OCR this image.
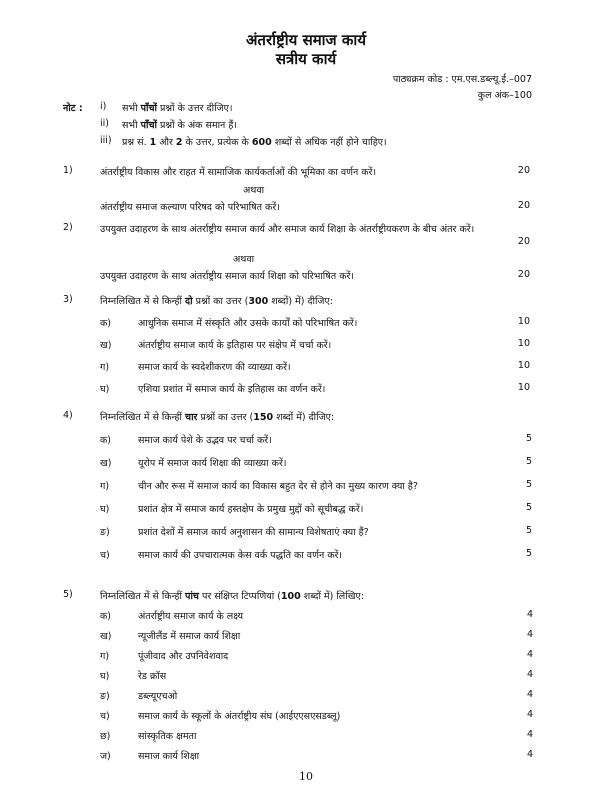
अंतर्राष्ट्रीय समाज कार्य
सत्रीय कार्य
पाठ्यक्रम कोड : एम.एस.डब्ल्यू.ई.–007
कुल अंक–100
नोट : i) सभी पाँचों प्रश्नों के उत्तर दीजिए।
ii) सभी पाँचों प्रश्नों के अंक समान हैं।
iii) प्रश्न सं. 1 और 2 के उत्तर, प्रत्येक के 600 शब्दों से अधिक नहीं होने चाहिए।
1)	अंतर्राष्ट्रीय विकास और राहत में सामाजिक कार्यकर्ताओं की भूमिका का वर्णन करें।	20
अथवा
अंतर्राष्ट्रीय समाज कल्याण परिषद को परिभाषित करें।	20
2)	उपयुक्त उदाहरण के साथ अंतर्राष्ट्रीय समाज कार्य और समाज कार्य शिक्षा के अंतर्राष्ट्रीयकरण के बीच अंतर करें।
20
अथवा
उपयुक्त उदाहरण के साथ अंतर्राष्ट्रीय समाज कार्य शिक्षा को परिभाषित करें।	20
3)	निम्नलिखित में से किन्हीं दो प्रश्नों का उत्तर (300 शब्दों) में) दीजिए:
क)	आधुनिक समाज में संस्कृति और उसके कार्यों को परिभाषित करें।	10
ख)	अंतर्राष्ट्रीय समाज कार्य के इतिहास पर संक्षेप में चर्चा करें।	10
ग)	समाज कार्य के स्वदेशीकरण की व्याख्या करें।	10
घ)	एशिया प्रशांत में समाज कार्य के इतिहास का वर्णन करें।	10
4)	निम्नलिखित में से किन्हीं चार प्रश्नों का उत्तर (150 शब्दों में) दीजिए:
क)	समाज कार्य पेशे के उद्भव पर चर्चा करें।	5
ख)	यूरोप में समाज कार्य शिक्षा की व्याख्या करें।	5
ग)	चीन और रूस में समाज कार्य का विकास बहुत देर से होने का मुख्य कारण क्या है?	5
घ)	प्रशांत क्षेत्र में समाज कार्य हस्तक्षेप के प्रमुख मुद्दों को सूचीबद्ध करें।	5
ङ)	प्रशांत देशों में समाज कार्य अनुशासन की सामान्य विशेषताएं क्या हैं?	5
च)	समाज कार्य की उपचारात्मक केस वर्क पद्धति का वर्णन करें।	5
5)	निम्नलिखित में से किन्हीं पांच पर संक्षिप्त टिप्पणियां (100 शब्दों में) लिखिए:
क)	अंतर्राष्ट्रीय समाज कार्य के लक्ष्य	4
ख)	न्यूजीलैंड में समाज कार्य शिक्षा	4
ग)	पूंजीवाद और उपनिवेशवाद	4
घ)	रेड क्रॉस	4
ङ)	डब्ल्यूएचओ	4
च)	समाज कार्य के स्कूलों के अंतर्राष्ट्रीय संघ (आईएएसएसडब्लू)	4
छ)	सांस्कृतिक क्षमता	4
ज)	समाज कार्य शिक्षा	4
10
